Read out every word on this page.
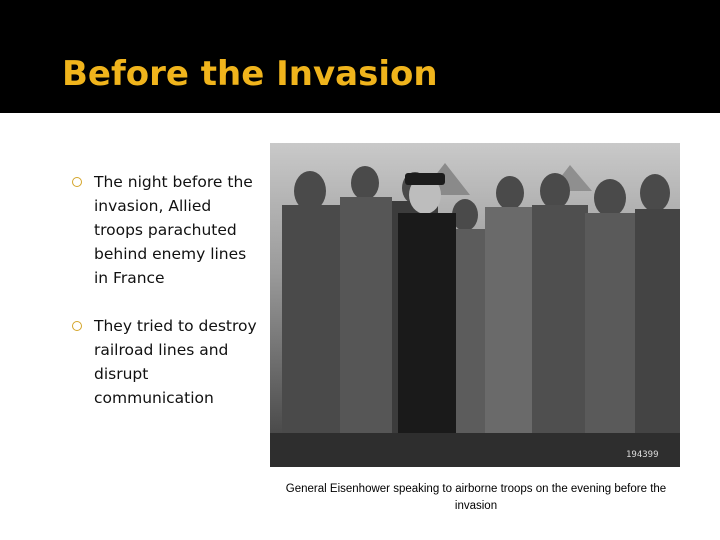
Before the Invasion
The night before the invasion, Allied troops parachuted behind enemy lines in France
They tried to destroy railroad lines and disrupt communication
194399
General Eisenhower speaking to airborne troops on the evening before the invasion
